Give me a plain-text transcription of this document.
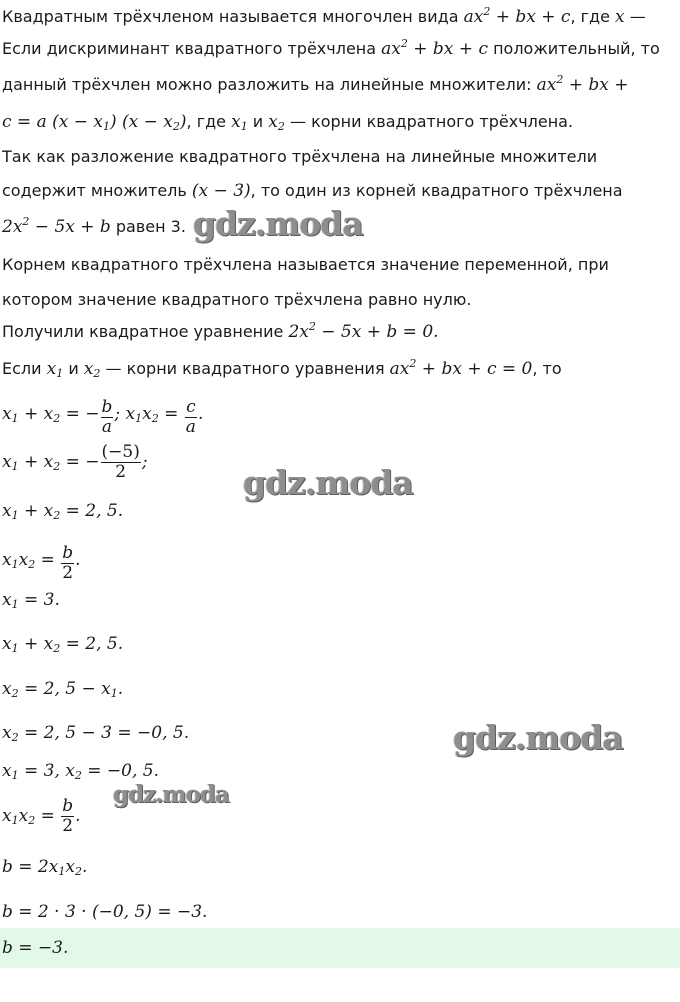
Квадратным трёхчленом называется многочлен вида $ax^2$ + bx + c, где x —
Если дискриминант квадратного трёхчлена $ax^2$ + bx + c положительный, то
данный трёхчлен можно разложить на линейные множители: $ax^2$ + bx +
c = a $(x - x_1)$ $(x - x_2)$, где $x_1$ и $x_2$ — корни квадратного трёхчлена.
Так как разложение квадратного трёхчлена на линейные множители
содержит множитель (x − 3), то один из корней квадратного трёхчлена
$2x^2 - 5x + b$ равен 3.
Корнем квадратного трёхчлена называется значение переменной, при
котором значение квадратного трёхчлена равно нулю.
Получили квадратное уравнение $2x^2 - 5x + b = 0$.
Если $x_1$ и $x_2$ — корни квадратного уравнения $ax^2$ + bx + c = 0, то
$x_1 + x_2$ = − $\frac{b}{a}$ ; $x_1x_2 = \frac{c}{a}$ .
$x_1 + x_2$ = − $\frac{(-5)}{2}$ ;
$x_1 + x_2 = 2$, 5.
$x_1x_2 = \frac{b}{2}$ .
$x_1 = 3$.
$x_1 + x_2 = 2$, 5.
$x_2 = 2$, $5 - x_1$.
$x_2 = 2$, 5 − 3 = −0, 5.
$x_1 = 3$, $x_2 = -0$, 5.
$x_1x_2 = \frac{b}{2}$ .
$b = 2x_1x_2$.
b = 2 · 3 · (−0, 5) = −3.
b = −3.
gdz.moda
gdz.moda
gdz.moda
gdz.moda
